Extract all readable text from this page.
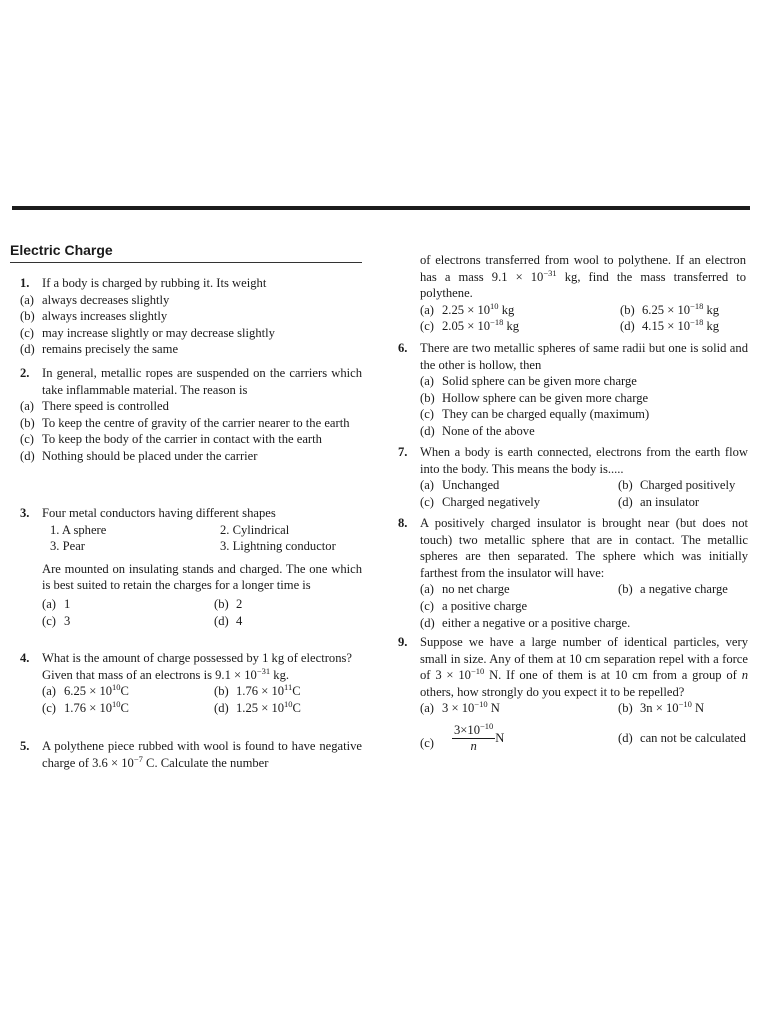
Electric Charge
1. If a body is charged by rubbing it. Its weight
(a) always decreases slightly
(b) always increases slightly
(c) may increase slightly or may decrease slightly
(d) remains precisely the same
2. In general, metallic ropes are suspended on the carriers which take inflammable material. The reason is
(a) There speed is controlled
(b) To keep the centre of gravity of the carrier nearer to the earth
(c) To keep the body of the carrier in contact with the earth
(d) Nothing should be placed under the carrier
3. Four metal conductors having different shapes
1. A sphere	2. Cylindrical
3. Pear	3. Lightning conductor
Are mounted on insulating stands and charged. The one which is best suited to retain the charges for a longer time is
(a) 1	(b) 2
(c) 3	(d) 4
4. What is the amount of charge possessed by 1 kg of electrons?
Given that mass of an electrons is $9.1 \times 10^{-31}$ kg.
(a) $6.25 \times 10^{10}C$	(b) $1.76 \times 10^{11}C$
(c) $1.76 \times 10^{10}C$	(d) $1.25 \times 10^{10}C$
5. A polythene piece rubbed with wool is found to have negative charge of $3.6 \times 10^{-7}$ C. Calculate the number
of electrons transferred from wool to polythene. If an electron has a mass $9.1 \times 10^{-31}$ kg, find the mass transferred to polythene.
(a) $2.25 \times 10^{10}$ kg	(b) $6.25 \times 10^{-18}$ kg
(c) $2.05 \times 10^{-18}$ kg	(d) $4.15 \times 10^{-18}$ kg
6. There are two metallic spheres of same radii but one is solid and the other is hollow, then
(a) Solid sphere can be given more charge
(b) Hollow sphere can be given more charge
(c) They can be charged equally (maximum)
(d) None of the above
7. When a body is earth connected, electrons from the earth flow into the body. This means the body is.....
(a) Unchanged	(b) Charged positively
(c) Charged negatively	(d) an insulator
8. A positively charged insulator is brought near (but does not touch) two metallic sphere that are in contact. The metallic spheres are then separated. The sphere which was initially farthest from the insulator will have:
(a) no net charge	(b) a negative charge
(c) a positive charge
(d) either a negative or a positive charge.
9. Suppose we have a large number of identical particles, very small in size. Any of them at 10 cm separation repel with a force of $3 \times 10^{-10}$ N. If one of them is at 10 cm from a group of n others, how strongly do you expect it to be repelled?
(a) $3 \times 10^{-10}$ N	(b) $3n \times 10^{-10}$ N
$(c) \frac{3\times 10^{-10}}{n}$ N	(d) can not be calculated
